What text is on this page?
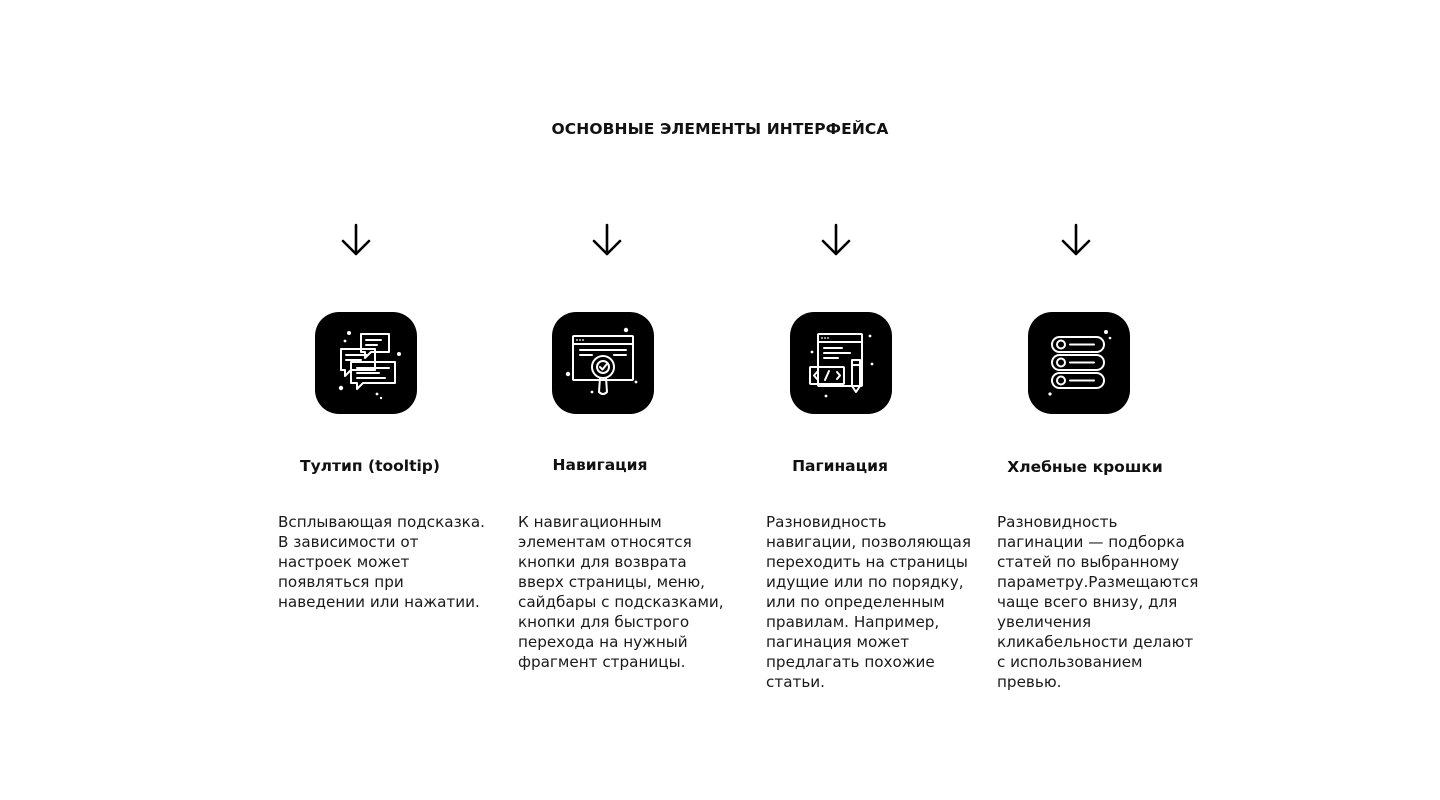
ОСНОВНЫЕ ЭЛЕМЕНТЫ ИНТЕРФЕЙСА
Тултип (tooltip)	Навигация	Пагинация	Хлебные крошки
Всплывающая подсказка.
В зависимости от
настроек может
появляться при
наведении или нажатии.
К навигационным
элементам относятся
кнопки для возврата
вверх страницы, меню,
сайдбары с подсказками,
кнопки для быстрого
перехода на нужный
фрагмент страницы.
Разновидность
навигации, позволяющая
переходить на страницы
идущие или по порядку,
или по определенным
правилам. Например,
пагинация может
предлагать похожие
статьи.
Разновидность
пагинации — подборка
статей по выбранному
параметру.Размещаются
чаще всего внизу, для
увеличения
кликабельности делают
с использованием
превью.
